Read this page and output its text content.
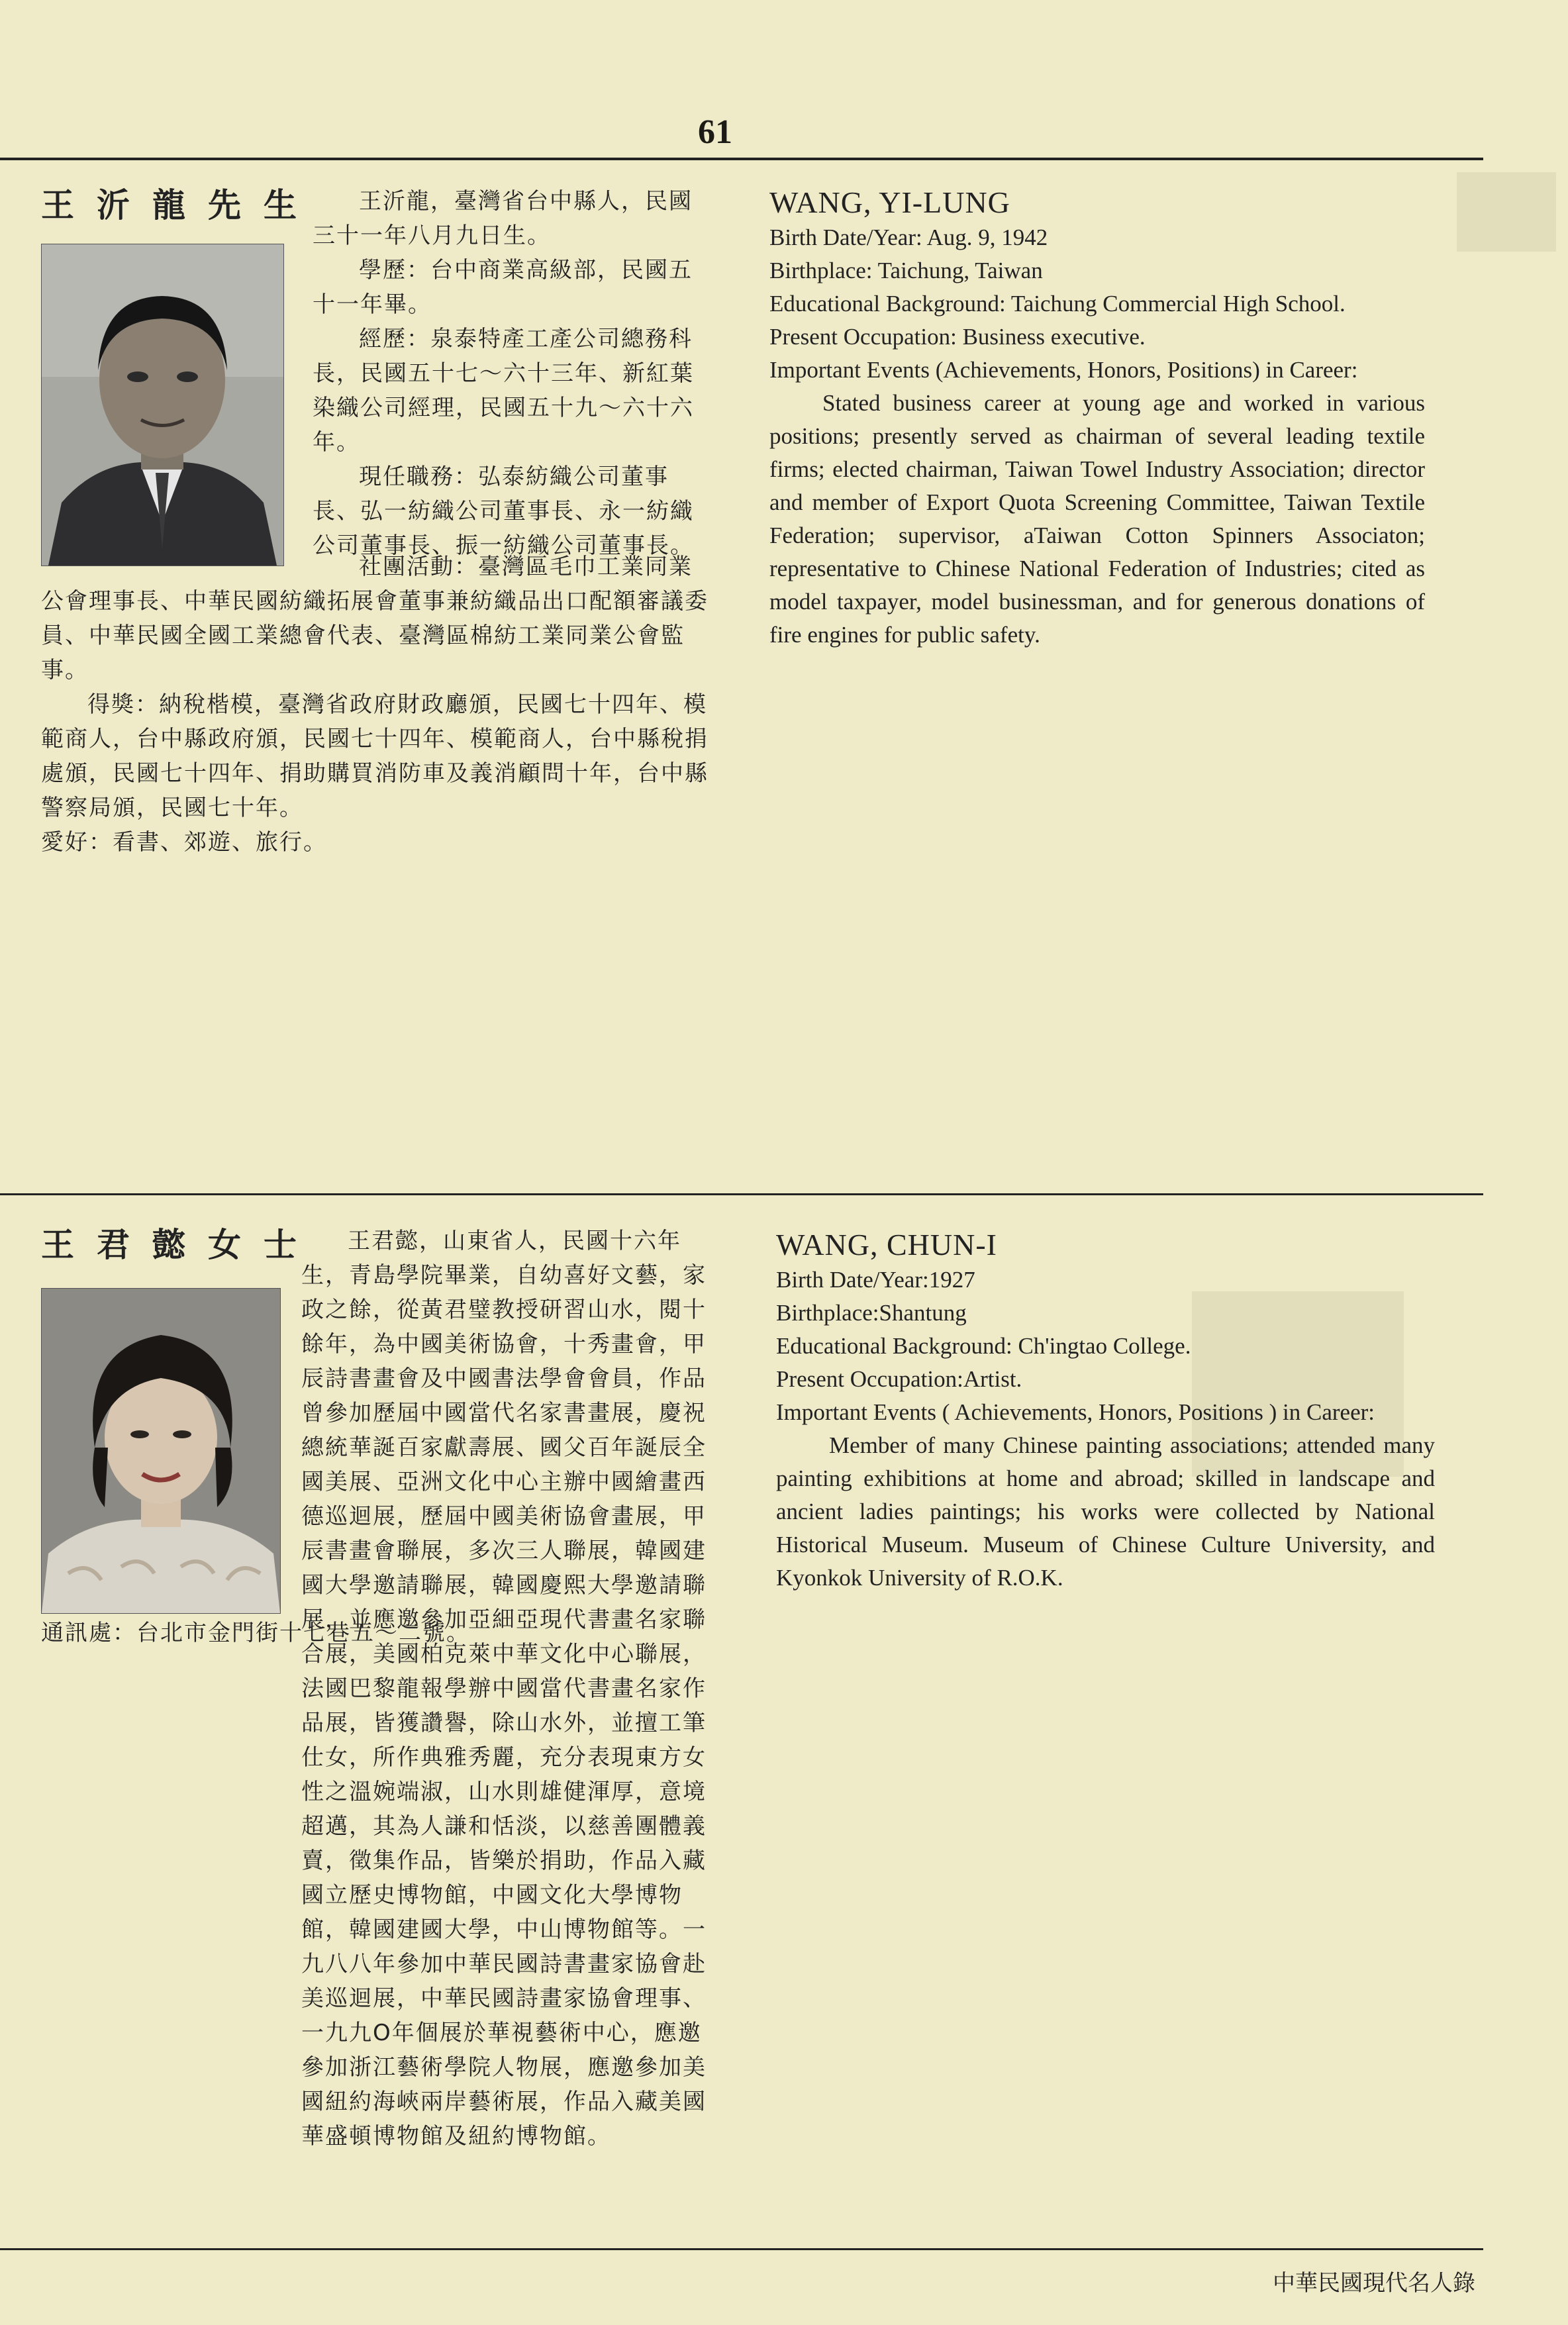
61
王沂龍先生	王沂龍，臺灣省台中縣人，民國三十一年八月九日生。
學歷：台中商業高級部，民國五十一年畢。
經歷：泉泰特產工產公司總務科長，民國五十七～六十三年、新紅葉染織公司經理，民國五十九～六十六年。
現任職務：弘泰紡織公司董事長、弘一紡織公司董事長、永一紡織公司董事長、振一紡織公司董事長。
社團活動：臺灣區毛巾工業同業公會理事長、中華民國紡織拓展會董事兼紡織品出口配額審議委員、中華民國全國工業總會代表、臺灣區棉紡工業同業公會監事。
得獎：納稅楷模，臺灣省政府財政廳頒，民國七十四年、模範商人，台中縣政府頒，民國七十四年、模範商人，台中縣稅捐處頒，民國七十四年、捐助購買消防車及義消顧問十年，台中縣警察局頒，民國七十年。
愛好：看書、郊遊、旅行。
WANG, YI-LUNG
Birth Date/Year: Aug. 9, 1942
Birthplace: Taichung, Taiwan
Educational Background: Taichung Commercial High School.
Present Occupation: Business executive.
Important Events (Achievements, Honors, Positions) in Career:
Stated business career at young age and worked in various positions; presently served as chairman of several leading textile firms; elected chairman, Taiwan Towel Industry Association; director and member of Export Quota Screening Committee, Taiwan Textile Federation; supervisor, aTaiwan Cotton Spinners Associaton; representative to Chinese National Federation of Industries; cited as model taxpayer, model businessman, and for generous donations of fire engines for public safety.
王君懿女士	王君懿，山東省人，民國十六年生，青島學院畢業，自幼喜好文藝，家政之餘，從黃君璧教授研習山水，閱十餘年，為中國美術協會，十秀畫會，甲辰詩書畫會及中國書法學會會員，作品曾參加歷屆中國當代名家書畫展，慶祝　總統華誕百家獻壽展、國父百年誕辰全國美展、亞洲文化中心主辦中國繪畫西德巡迴展，歷屆中國美術協會畫展，甲辰書畫會聯展，多次三人聯展，韓國建國大學邀請聯展，韓國慶熙大學邀請聯展，並應邀參加亞細亞現代書畫名家聯合展，美國柏克萊中華文化中心聯展，法國巴黎龍報學辦中國當代書畫名家作品展，皆獲讚譽，除山水外，並擅工筆仕女，所作典雅秀麗，充分表現東方女性之溫婉端淑，山水則雄健渾厚，意境超邁，其為人謙和恬淡，以慈善團體義賣，徵集作品，皆樂於捐助，作品入藏國立歷史博物館，中國文化大學博物館，韓國建國大學，中山博物館等。一九八八年參加中華民國詩書畫家協會赴美巡迴展，中華民國詩畫家協會理事、一九九O年個展於華視藝術中心，應邀參加浙江藝術學院人物展，應邀參加美國紐約海峽兩岸藝術展，作品入藏美國華盛頓博物館及紐約博物館。
通訊處：台北市金門街十七巷五～二號。
WANG, CHUN-I
Birth Date/Year:1927
Birthplace:Shantung
Educational Background: Ch'ingtao College.
Present Occupation:Artist.
Important Events ( Achievements, Honors, Positions ) in Career:
Member of many Chinese painting associations; attended many painting exhibitions at home and abroad; skilled in landscape and ancient ladies paintings; his works were collected by National Historical Museum. Museum of Chinese Culture University, and Kyonkok University of R.O.K.
中華民國現代名人錄
